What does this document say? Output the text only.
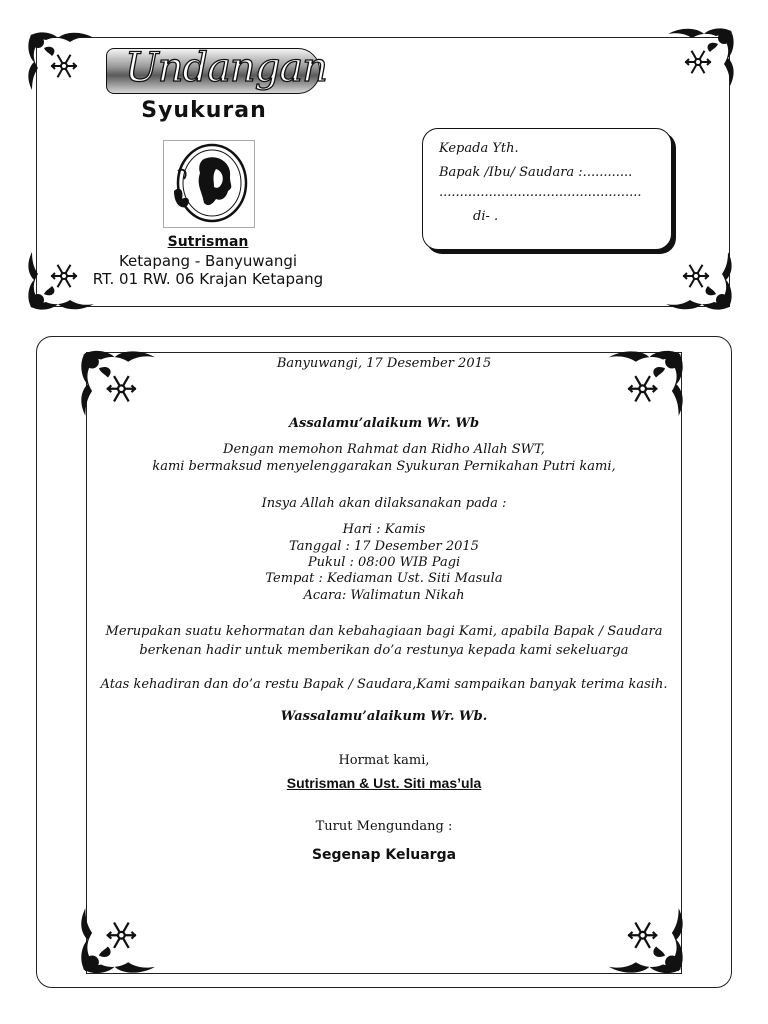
Undangan
Syukuran
Sutrisman
Ketapang - Banyuwangi
RT. 01 RW. 06 Krajan Ketapang
Kepada Yth.
Bapak /Ibu/ Saudara :............
.................................................
di- .
Banyuwangi, 17 Desember 2015
Assalamu’alaikum Wr. Wb
Dengan memohon Rahmat dan Ridho Allah SWT,
kami bermaksud menyelenggarakan Syukuran Pernikahan Putri kami,
Insya Allah akan dilaksanakan pada :
Hari : Kamis
Tanggal : 17 Desember 2015
Pukul : 08:00 WIB Pagi
Tempat : Kediaman Ust. Siti Masula
Acara: Walimatun Nikah
Merupakan suatu kehormatan dan kebahagiaan bagi Kami, apabila Bapak / Saudara
berkenan hadir untuk memberikan do’a restunya kepada kami sekeluarga
Atas kehadiran dan do’a restu Bapak / Saudara,Kami sampaikan banyak terima kasih.
Wassalamu’alaikum Wr. Wb.
Hormat kami,
Sutrisman & Ust. Siti mas’ula
Turut Mengundang :
Segenap Keluarga
